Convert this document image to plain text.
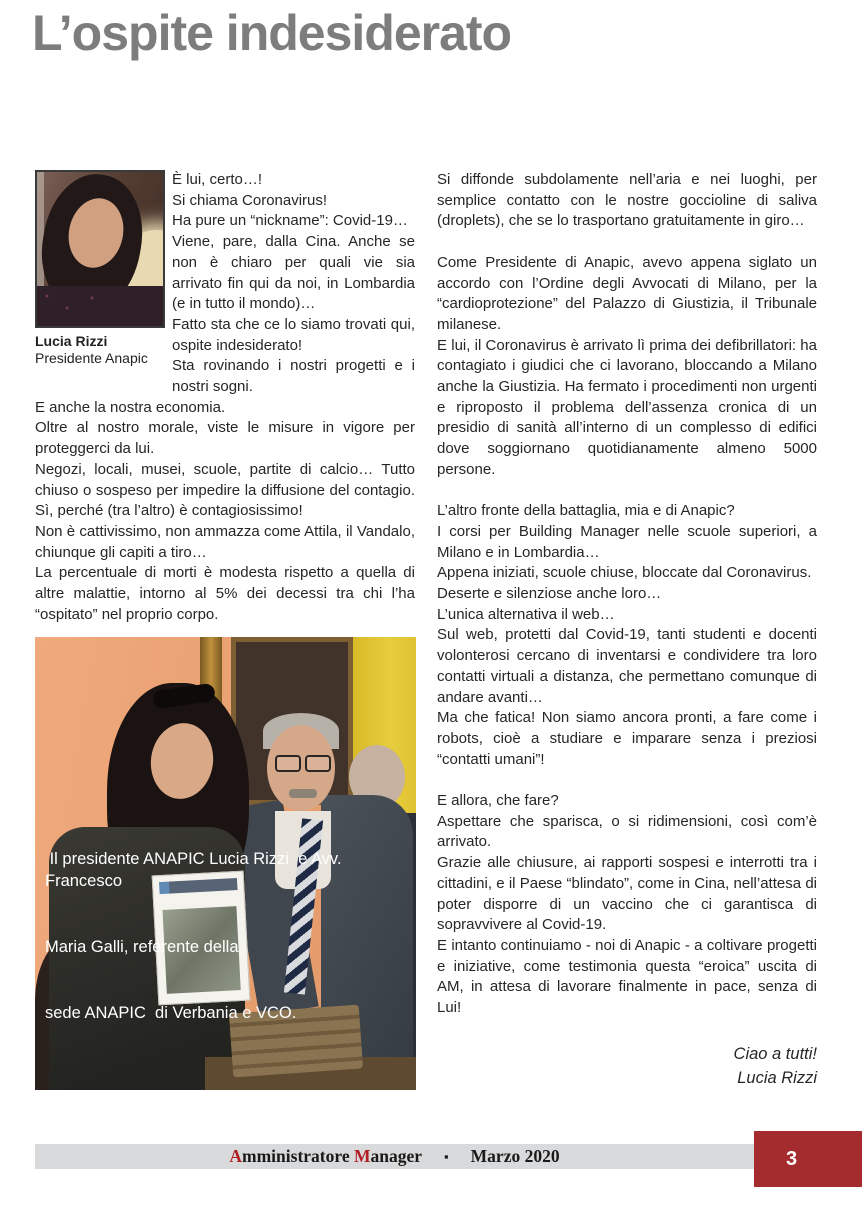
L’ospite indesiderato
Lucia Rizzi
Presidente Anapic

È lui, certo…!

Si chiama Coronavirus!

Ha pure un “nickname”: Covid-19…

Viene, pare, dalla Cina. Anche se non è chiaro per quali vie sia arrivato fin qui da noi, in Lombardia (e in tutto il mondo)…

Fatto sta che ce lo siamo trovati qui, ospite indesiderato!

Sta rovinando i nostri progetti e i nostri sogni.

E anche la nostra economia.

Oltre al nostro morale, viste le misure in vigore per proteggerci da lui.

Negozi, locali, musei, scuole, partite di calcio… Tutto chiuso o sospeso per impedire la diffusione del contagio. Sì, perché (tra l’altro) è contagiosissimo!

Non è cattivissimo, non ammazza come Attila, il Vandalo, chiunque gli capiti a tiro…

La percentuale di morti è modesta rispetto a quella di altre malattie, intorno al 5% dei decessi tra chi l’ha “ospitato” nel proprio corpo.

Si diffonde subdolamente nell’aria e nei luoghi, per semplice contatto con le nostre goccioline di saliva (droplets), che se lo trasportano gratuitamente in giro…

Come Presidente di Anapic, avevo appena siglato un accordo con l’Ordine degli Avvocati di Milano, per la “cardioprotezione” del Palazzo di Giustizia, il Tribunale milanese.

E lui, il Coronavirus è arrivato lì prima dei defibrillatori: ha contagiato i giudici che ci lavorano, bloccando a Milano anche la Giustizia. Ha fermato i procedimenti non urgenti e riproposto il problema dell’assenza cronica di un presidio di sanità all’interno di un complesso di edifici dove soggiornano quotidianamente almeno 5000 persone.

L’altro fronte della battaglia, mia e di Anapic?

I corsi per Building Manager nelle scuole superiori, a Milano e in Lombardia…

Appena iniziati, scuole chiuse, bloccate dal Coronavirus.

Deserte e silenziose anche loro…

L’unica alternativa il web…

Sul web, protetti dal Covid-19, tanti studenti e docenti volonterosi cercano di inventarsi e condividere tra loro contatti virtuali a distanza, che permettano comunque di andare avanti…

Ma che fatica! Non siamo ancora pronti, a fare come i robots, cioè a studiare e imparare senza i preziosi “contatti umani”!

E allora, che fare?

Aspettare che sparisca, o si ridimensioni, così com’è arrivato.

Grazie alle chiusure, ai rapporti sospesi e interrotti tra i cittadini, e il Paese “blindato”, come in Cina, nell’attesa di poter disporre di un vaccino che ci garantisca di sopravvivere al Covid-19.

E intanto continuiamo - noi di Anapic - a coltivare progetti e iniziative, come testimonia questa “eroica” uscita di AM, in attesa di lavorare finalmente in pace, senza di Lui!

Ciao a tutti!
Lucia Rizzi

Il presidente ANAPIC Lucia Rizzi  e Avv. Francesco

Maria Galli, referente della

sede ANAPIC  di Verbania e VCO.

Amministratore Manager ▪ Marzo 2020	3
